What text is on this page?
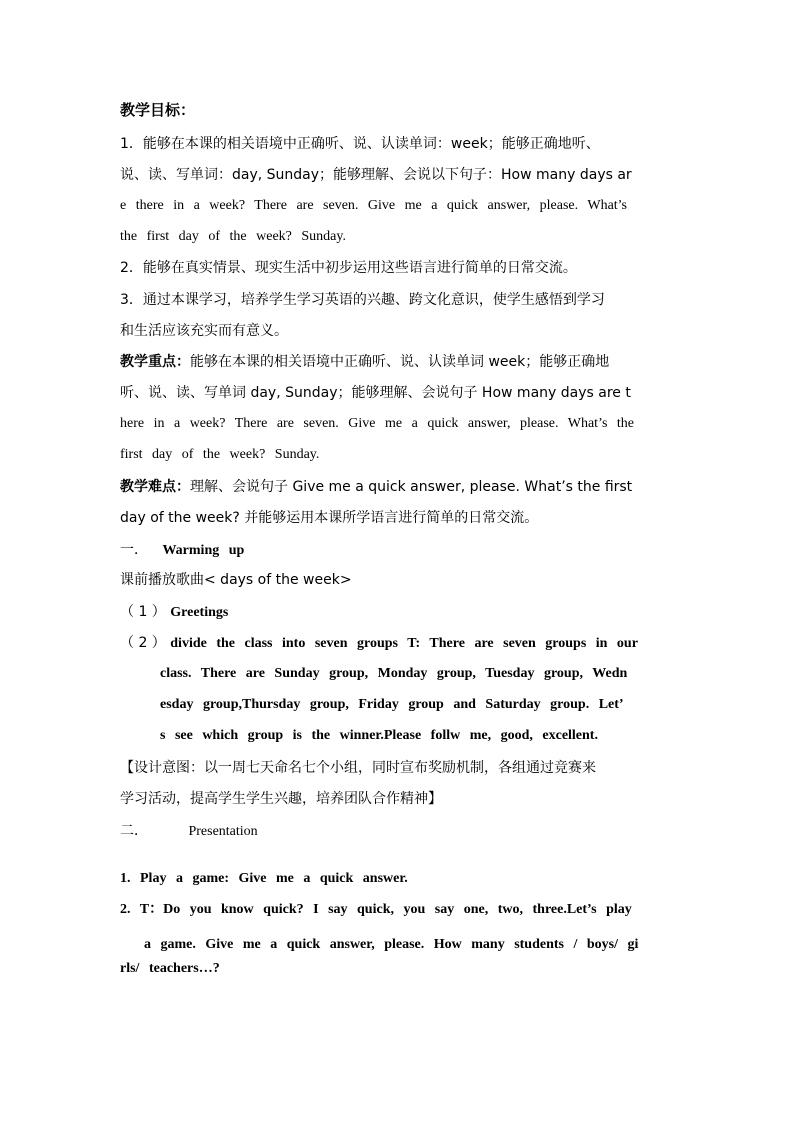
教学目标：
1．能够在本课的相关语境中正确听、说、认读单词：week；能够正确地听、
说、读、写单词：day, Sunday；能够理解、会说以下句子：How many days ar
e there in a week? There are seven. Give me a quick answer, please. What’s
the first day of the week? Sunday.
2．能够在真实情景、现实生活中初步运用这些语言进行简单的日常交流。
3．通过本课学习，培养学生学习英语的兴趣、跨文化意识，使学生感悟到学习
和生活应该充实而有意义。
教学重点：能够在本课的相关语境中正确听、说、认读单词 week；能够正确地
听、说、读、写单词 day, Sunday；能够理解、会说句子 How many days are t
here in a week? There are seven. Give me a quick answer, please. What’s the
first day of the week? Sunday.
教学难点：理解、会说句子 Give me a quick answer, please. What’s the first
day of the week? 并能够运用本课所学语言进行简单的日常交流。
一． Warming up
课前播放歌曲< days of the week>
（ 1 ） Greetings
（ 2 ） divide the class into seven groups T: There are seven groups in our
class. There are Sunday group, Monday group, Tuesday group, Wedn
esday group,Thursday group, Friday group and Saturday group. Let’
s see which group is the winner.Please follw me, good, excellent.
【设计意图：以一周七天命名七个小组，同时宣布奖励机制，各组通过竞赛来
学习活动，提高学生学生兴趣，培养团队合作精神】
二．	Presentation
1. Play a game: Give me a quick answer.
2. T：Do you know quick? I say quick, you say one, two, three.Let’s play
a game. Give me a quick answer, please. How many students / boys/ gi
rls/ teachers…?
